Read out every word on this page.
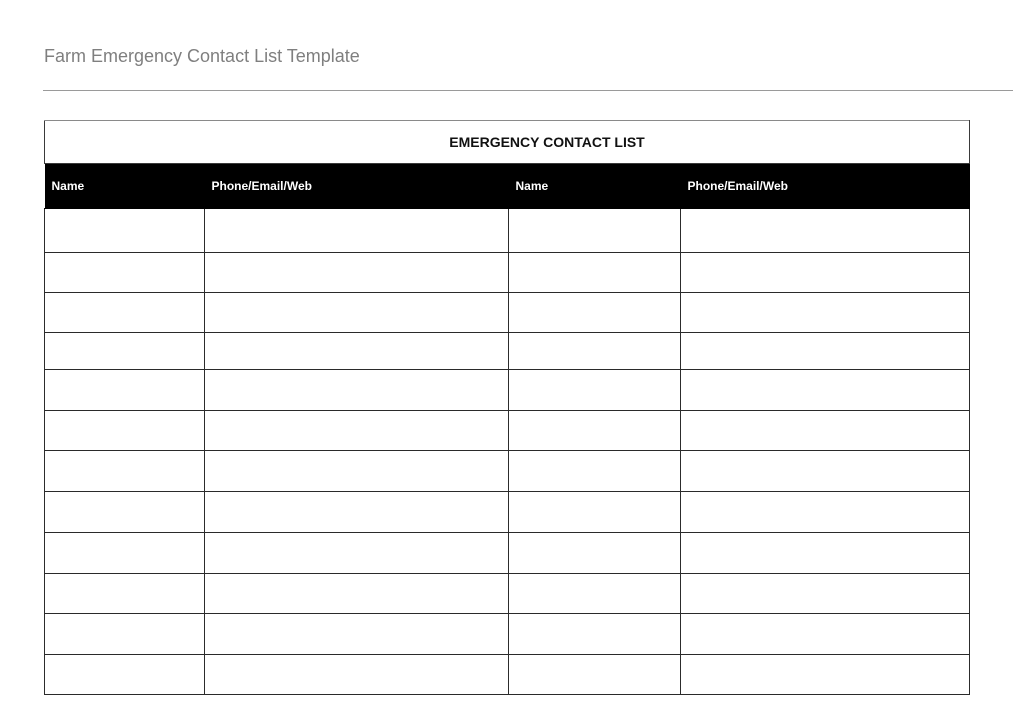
Farm Emergency Contact List Template
EMERGENCY CONTACT LIST			
Name	Phone/Email/Web	Name	Phone/Email/Web
